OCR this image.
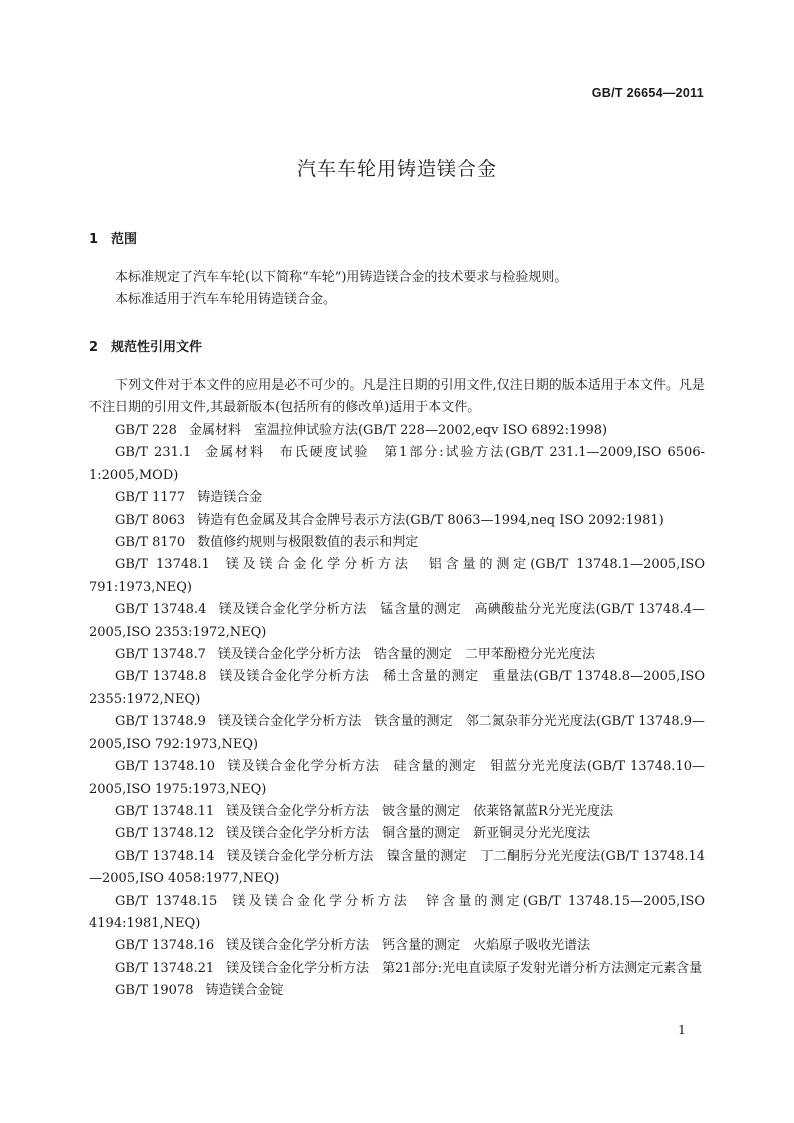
GB/T 26654—2011
汽车车轮用铸造镁合金
1 范围

本标准规定了汽车车轮(以下简称“车轮”)用铸造镁合金的技术要求与检验规则。

本标准适用于汽车车轮用铸造镁合金。

2 规范性引用文件

下列文件对于本文件的应用是必不可少的。凡是注日期的引用文件,仅注日期的版本适用于本文件。凡是不注日期的引用文件,其最新版本(包括所有的修改单)适用于本文件。

GB/T 228 金属材料　室温拉伸试验方法(GB/T 228—2002,eqv ISO 6892:1998)
GB/T 231.1 金属材料　布氏硬度试验　第1部分:试验方法(GB/T 231.1—2009,ISO 6506-1:2005,MOD)
GB/T 1177 铸造镁合金
GB/T 8063 铸造有色金属及其合金牌号表示方法(GB/T 8063—1994,neq ISO 2092:1981)
GB/T 8170 数值修约规则与极限数值的表示和判定
GB/T 13748.1 镁及镁合金化学分析方法　铝含量的测定(GB/T 13748.1—2005,ISO 791:1973,NEQ)
GB/T 13748.4 镁及镁合金化学分析方法　锰含量的测定　高碘酸盐分光光度法(GB/T 13748.4—2005,ISO 2353:1972,NEQ)
GB/T 13748.7 镁及镁合金化学分析方法　锆含量的测定　二甲苯酚橙分光光度法
GB/T 13748.8 镁及镁合金化学分析方法　稀土含量的测定　重量法(GB/T 13748.8—2005,ISO 2355:1972,NEQ)
GB/T 13748.9 镁及镁合金化学分析方法　铁含量的测定　邻二氮杂菲分光光度法(GB/T 13748.9—2005,ISO 792:1973,NEQ)
GB/T 13748.10 镁及镁合金化学分析方法　硅含量的测定　钼蓝分光光度法(GB/T 13748.10—2005,ISO 1975:1973,NEQ)
GB/T 13748.11 镁及镁合金化学分析方法　铍含量的测定　依莱铬氰蓝R分光光度法
GB/T 13748.12 镁及镁合金化学分析方法　铜含量的测定　新亚铜灵分光光度法
GB/T 13748.14 镁及镁合金化学分析方法　镍含量的测定　丁二酮肟分光光度法(GB/T 13748.14—2005,ISO 4058:1977,NEQ)
GB/T 13748.15 镁及镁合金化学分析方法　锌含量的测定(GB/T 13748.15—2005,ISO 4194:1981,NEQ)
GB/T 13748.16 镁及镁合金化学分析方法　钙含量的测定　火焰原子吸收光谱法
GB/T 13748.21 镁及镁合金化学分析方法　第21部分:光电直读原子发射光谱分析方法测定元素含量
GB/T 19078 铸造镁合金锭
1
